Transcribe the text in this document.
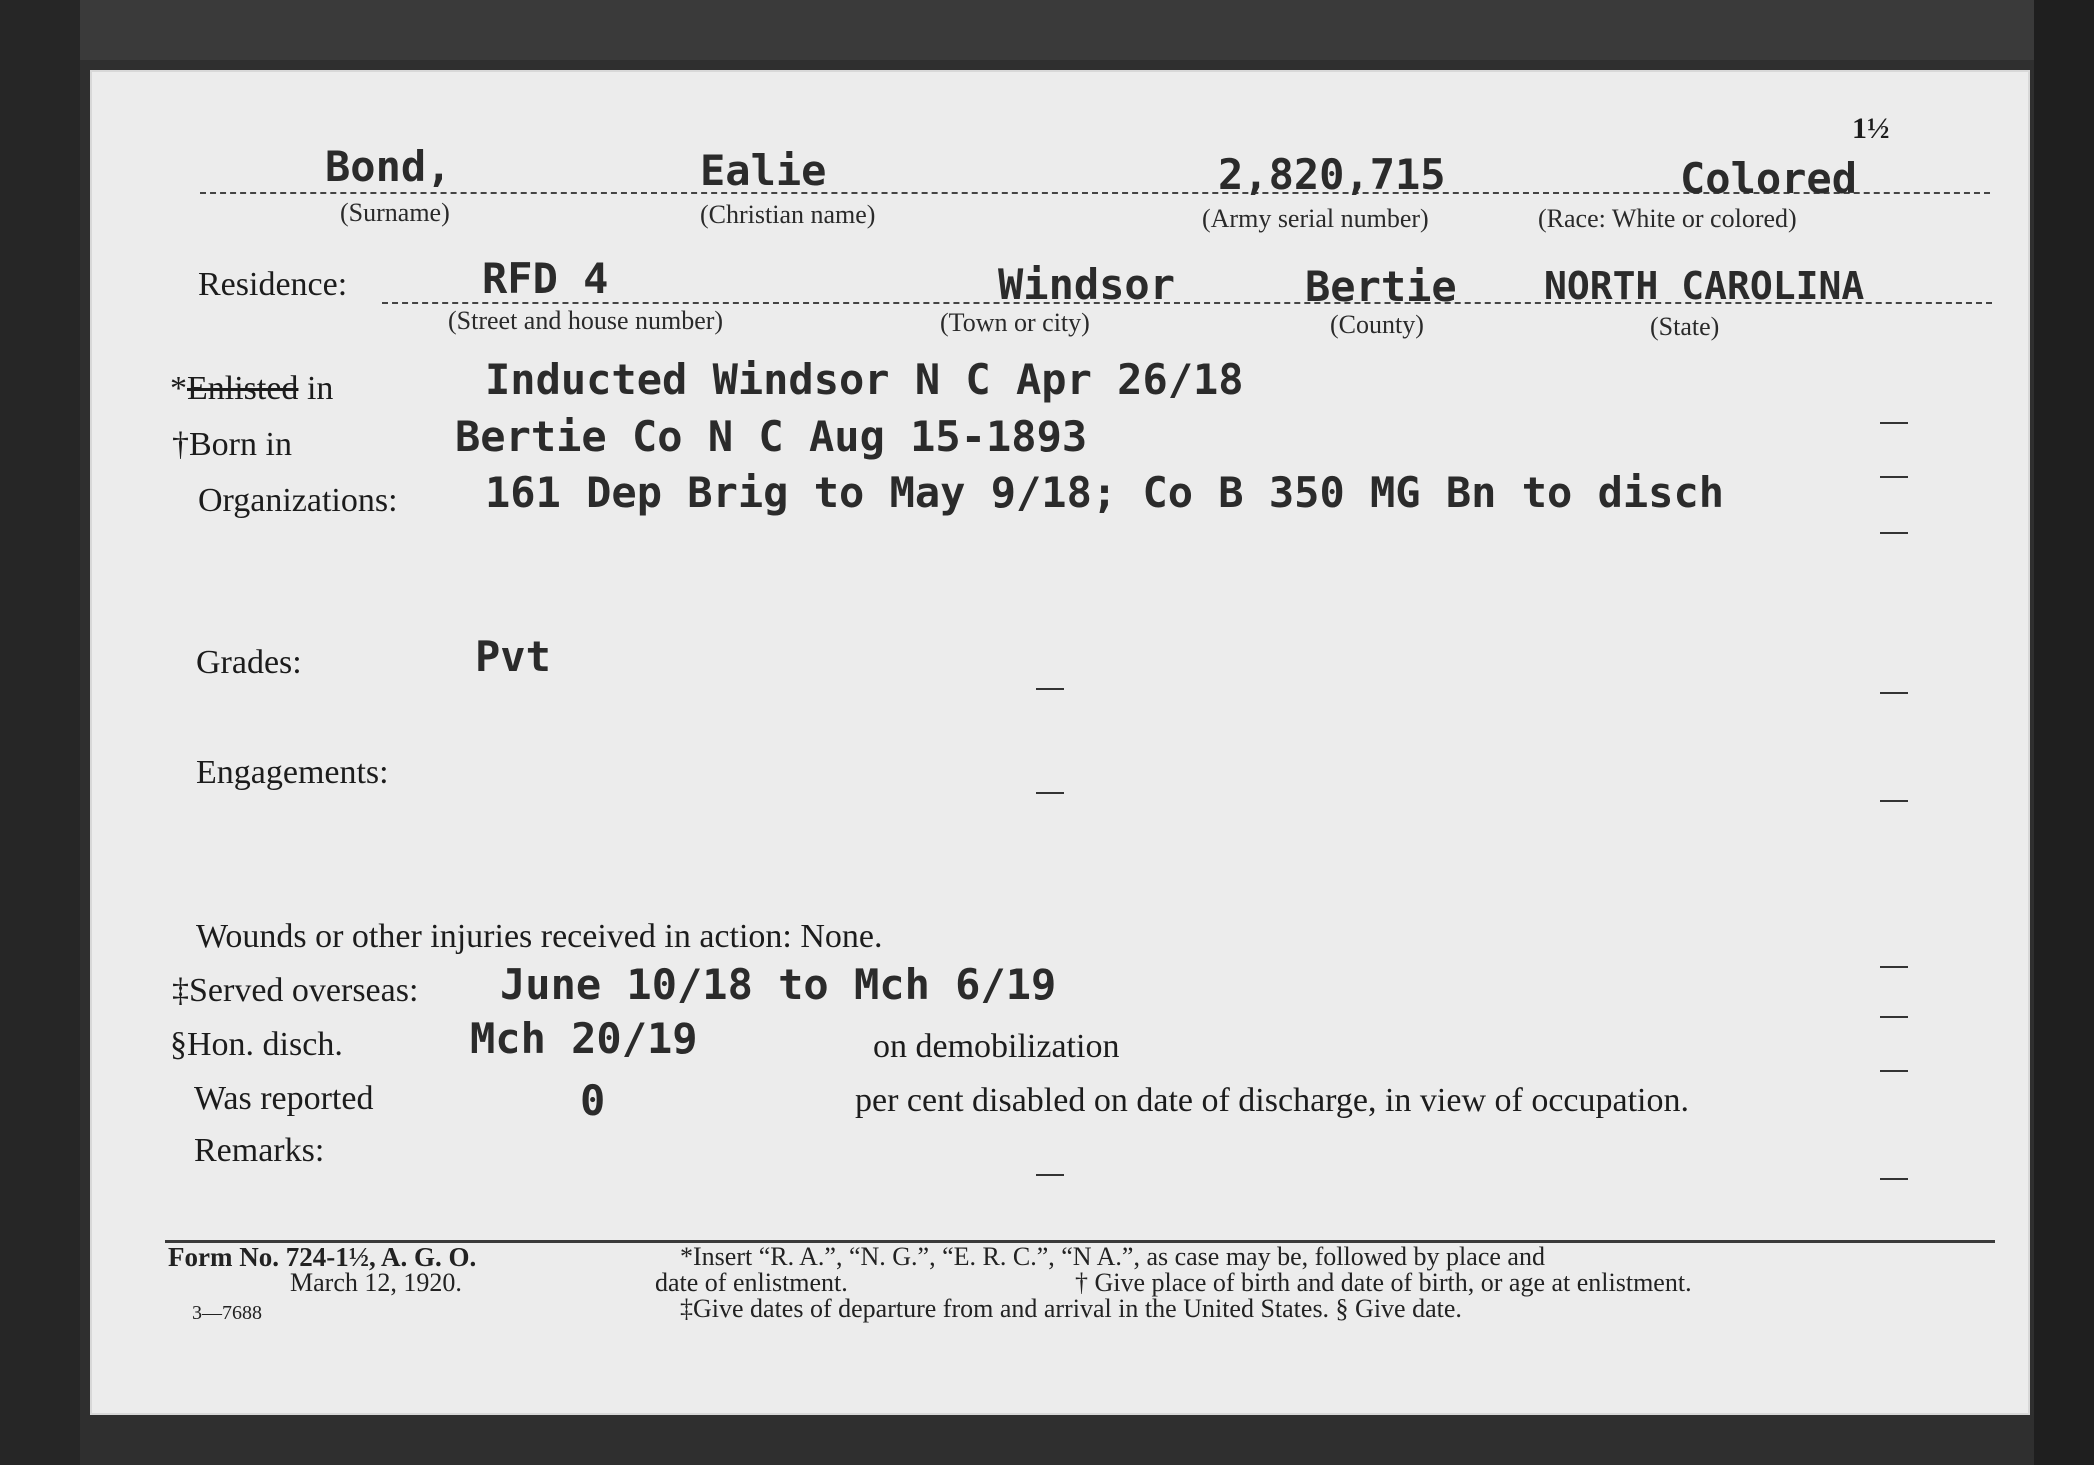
1½
Bond,
(Surname)
Ealie
(Christian name)
2,820,715
(Army serial number)
Colored
(Race: White or colored)
Residence:	RFD 4
(Street and house number)
Windsor
(Town or city)
Bertie
(County)
NORTH CAROLINA
(State)
*Enlisted in	Inducted Windsor N C Apr 26/18
†Born in	Bertie Co N C Aug 15-1893
Organizations: 161 Dep Brig to May 9/18; Co B 350 MG Bn to disch
Grades:	Pvt
Engagements:
Wounds or other injuries received in action: None.
‡Served overseas: June 10/18 to Mch 6/19
§Hon. disch.	Mch 20/19	on demobilization
Was reported	0	per cent disabled on date of discharge, in view of occupation.
Remarks:
Form No. 724-1½, A. G. O.
March 12, 1920.
3—7688
*Insert “R. A.”, “N. G.”, “E. R. C.”, “N A.”, as case may be, followed by place and
date of enlistment.	† Give place of birth and date of birth, or age at enlistment.
‡Give dates of departure from and arrival in the United States. § Give date.
